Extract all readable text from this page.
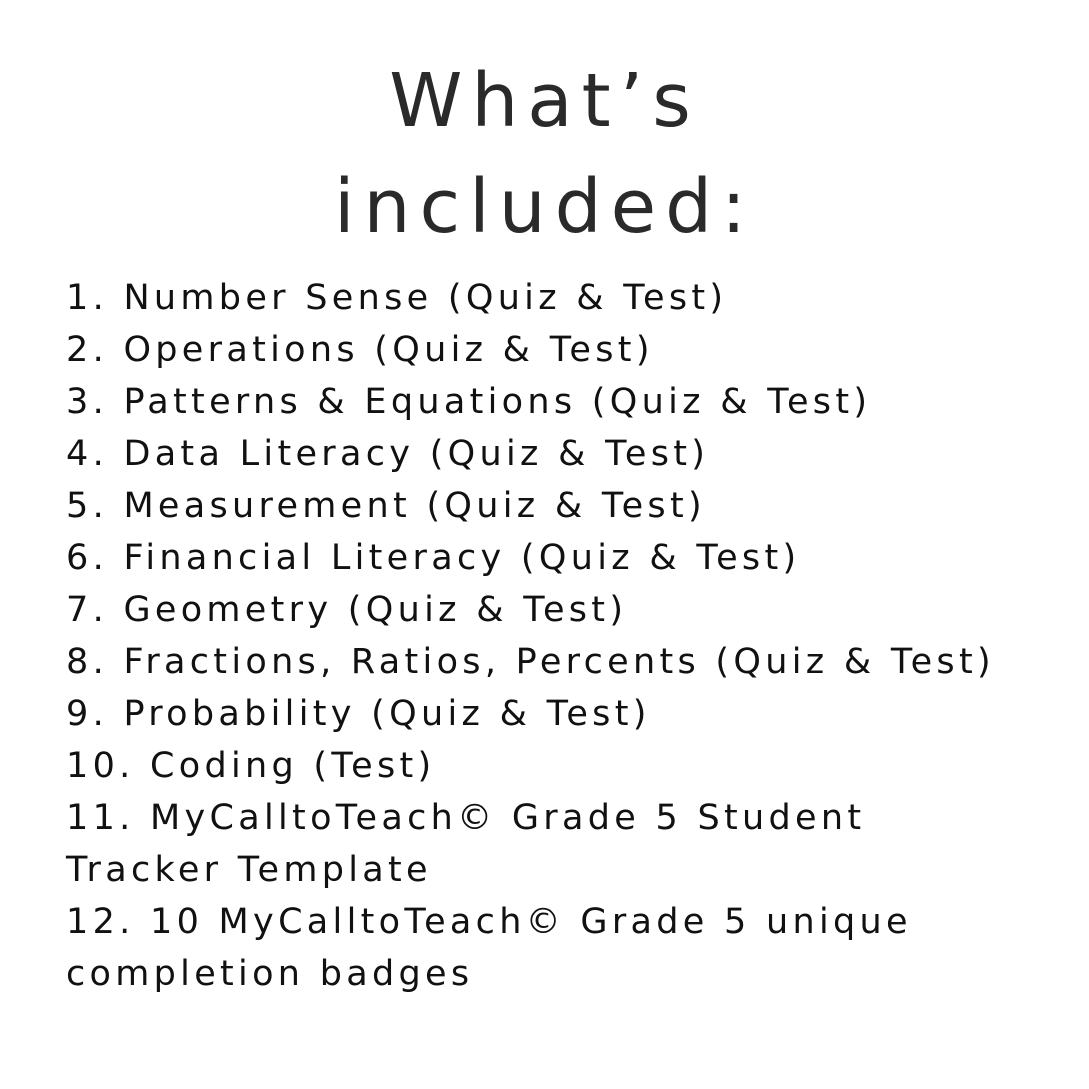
What’s
included:
1. Number Sense (Quiz & Test)
2. Operations (Quiz & Test)
3. Patterns & Equations (Quiz & Test)
4. Data Literacy (Quiz & Test)
5. Measurement (Quiz & Test)
6. Financial Literacy (Quiz & Test)
7. Geometry (Quiz & Test)
8. Fractions, Ratios, Percents (Quiz & Test)
9. Probability (Quiz & Test)
10. Coding (Test)
11. MyCalltoTeach© Grade 5 Student Tracker Template
12. 10 MyCalltoTeach© Grade 5 unique completion badges
